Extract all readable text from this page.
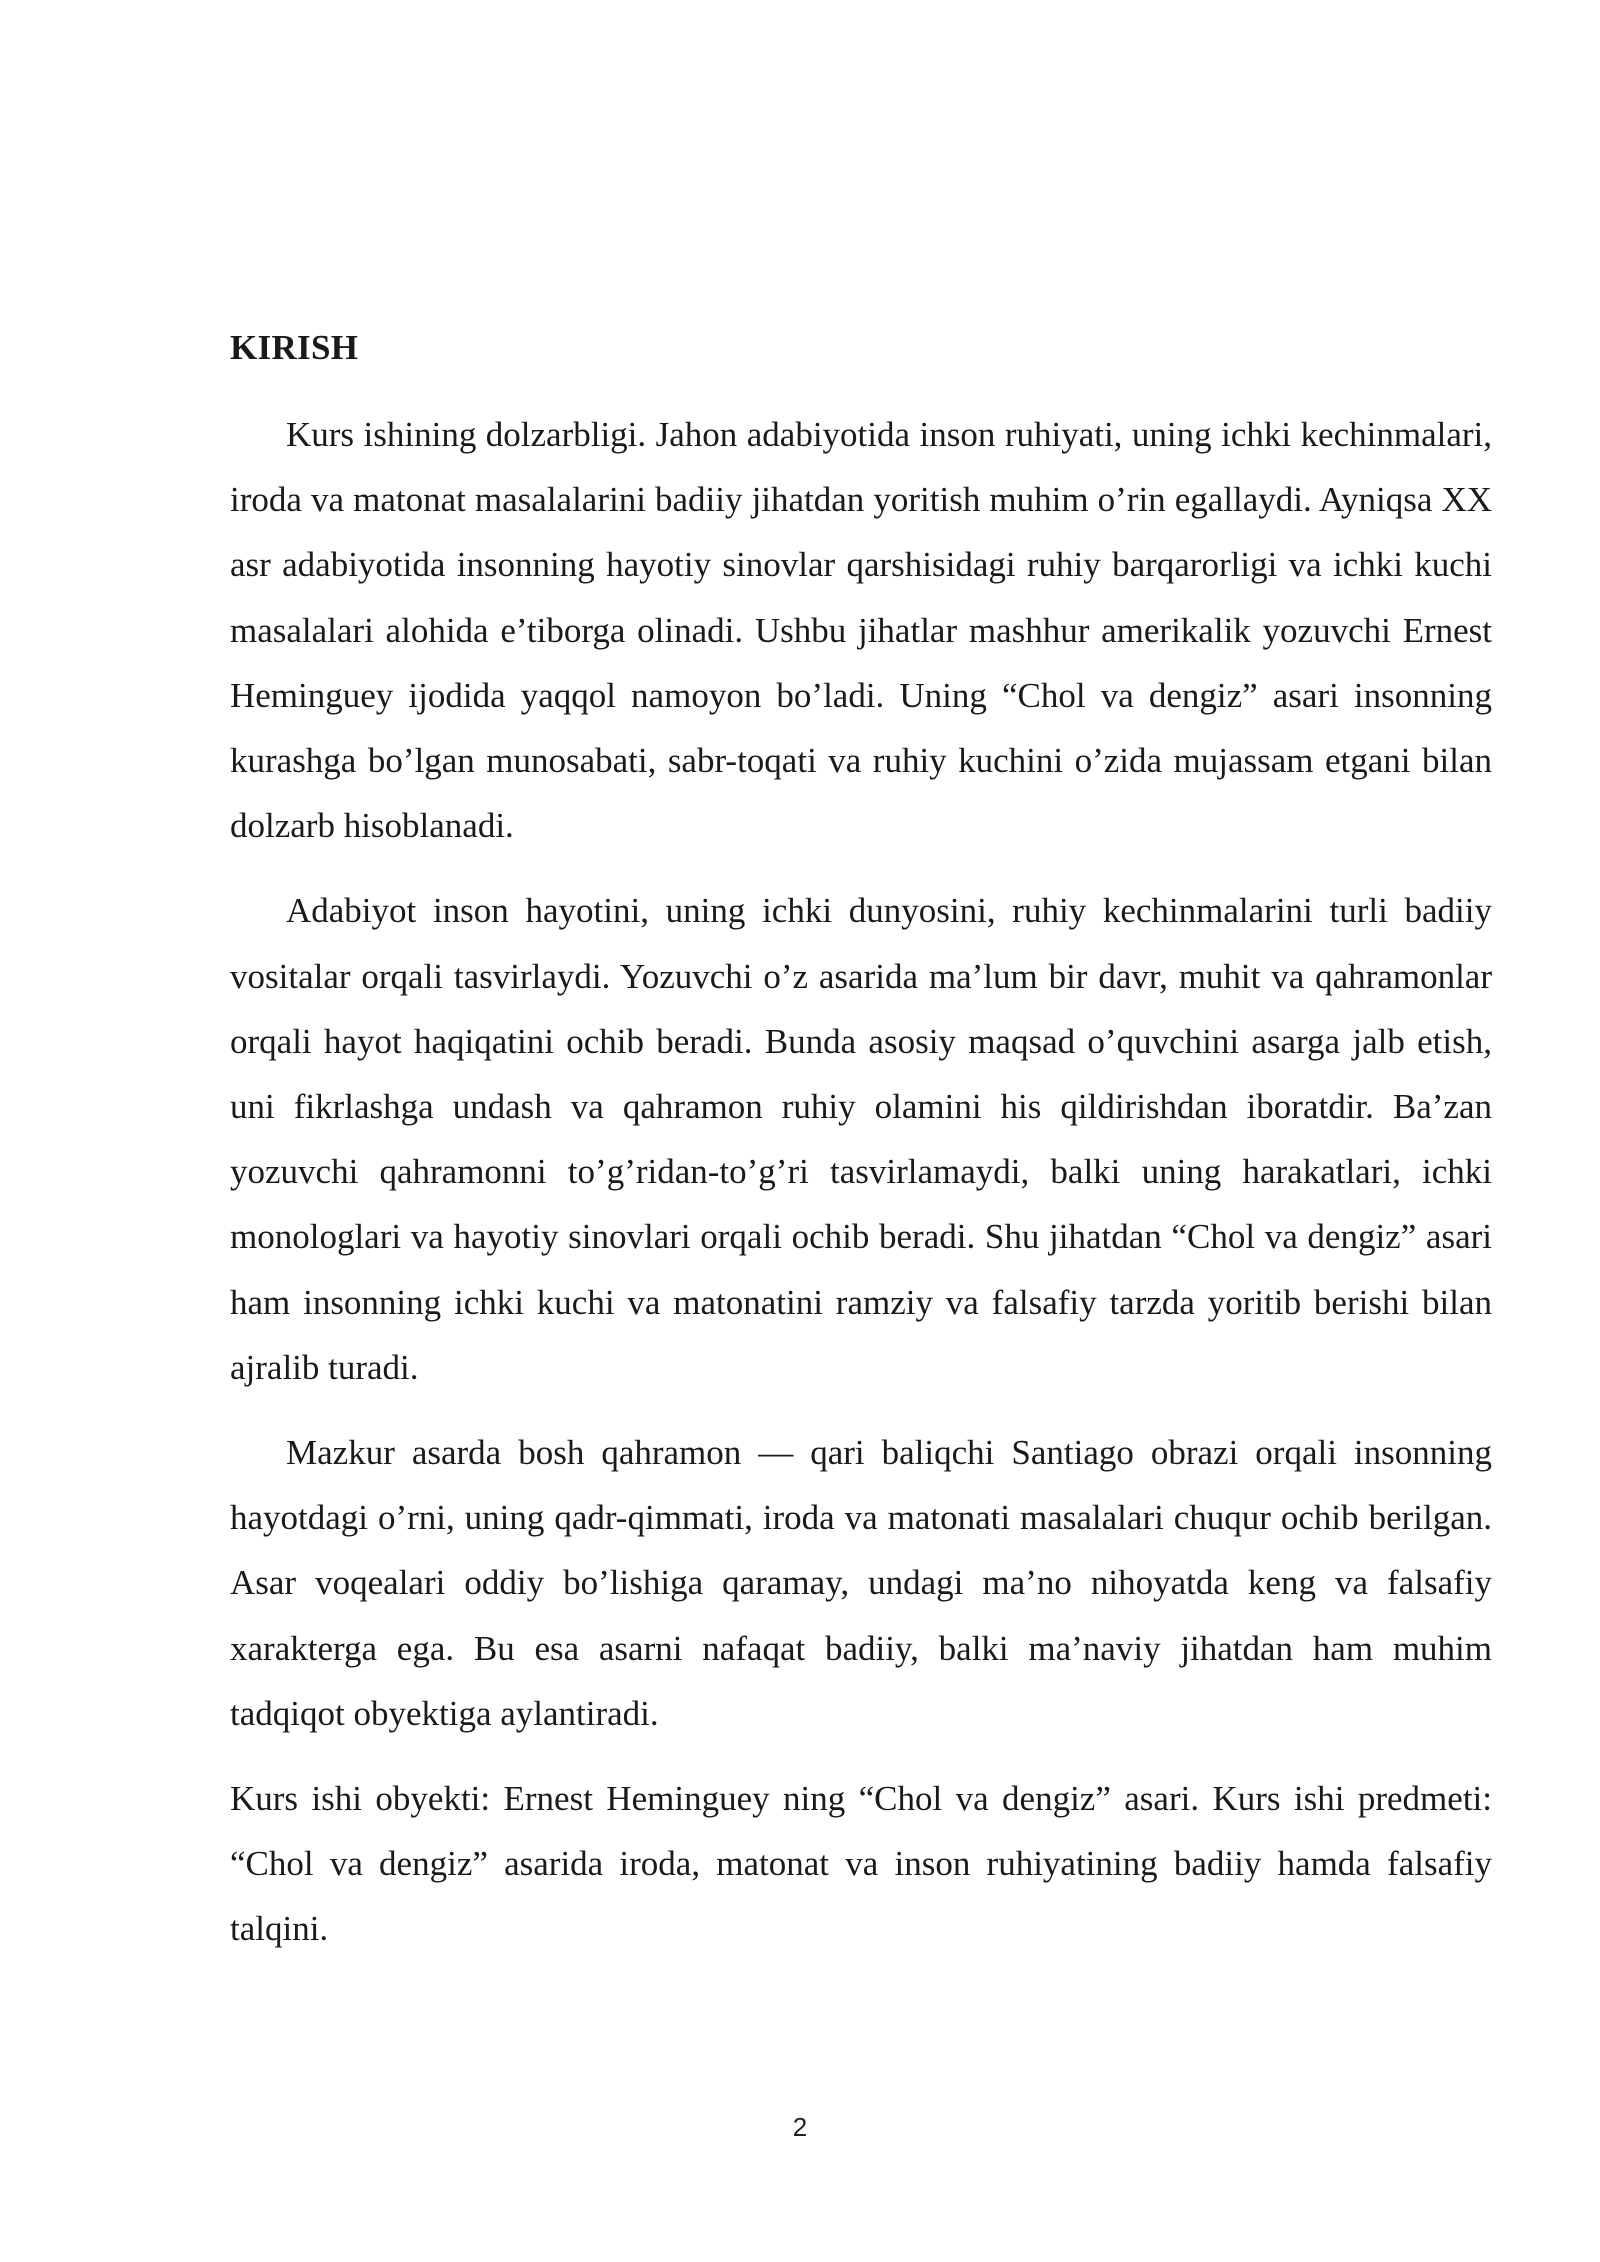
KIRISH

Kurs ishining dolzarbligi. Jahon adabiyotida inson ruhiyati, uning ichki kechinmalari, iroda va matonat masalalarini badiiy jihatdan yoritish muhim o’rin egallaydi. Ayniqsa XX asr adabiyotida insonning hayotiy sinovlar qarshisidagi ruhiy barqarorligi va ichki kuchi masalalari alohida e’tiborga olinadi. Ushbu jihatlar mashhur amerikalik yozuvchi Ernest Heminguey ijodida yaqqol namoyon bo’ladi. Uning “Chol va dengiz” asari insonning kurashga bo’lgan munosabati, sabr-toqati va ruhiy kuchini o’zida mujassam etgani bilan dolzarb hisoblanadi.

Adabiyot inson hayotini, uning ichki dunyosini, ruhiy kechinmalarini turli badiiy vositalar orqali tasvirlaydi. Yozuvchi o’z asarida ma’lum bir davr, muhit va qahramonlar orqali hayot haqiqatini ochib beradi. Bunda asosiy maqsad o’quvchini asarga jalb etish, uni fikrlashga undash va qahramon ruhiy olamini his qildirishdan iboratdir. Ba’zan yozuvchi qahramonni to’g’ridan-to’g’ri tasvirlamaydi, balki uning harakatlari, ichki monologlari va hayotiy sinovlari orqali ochib beradi. Shu jihatdan “Chol va dengiz” asari ham insonning ichki kuchi va matonatini ramziy va falsafiy tarzda yoritib berishi bilan ajralib turadi.

Mazkur asarda bosh qahramon — qari baliqchi Santiago obrazi orqali insonning hayotdagi o’rni, uning qadr-qimmati, iroda va matonati masalalari chuqur ochib berilgan. Asar voqealari oddiy bo’lishiga qaramay, undagi ma’no nihoyatda keng va falsafiy xarakterga ega. Bu esa asarni nafaqat badiiy, balki ma’naviy jihatdan ham muhim tadqiqot obyektiga aylantiradi.

Kurs ishi obyekti: Ernest Heminguey ning “Chol va dengiz” asari. Kurs ishi predmeti: “Chol va dengiz” asarida iroda, matonat va inson ruhiyatining badiiy hamda falsafiy talqini.

2
